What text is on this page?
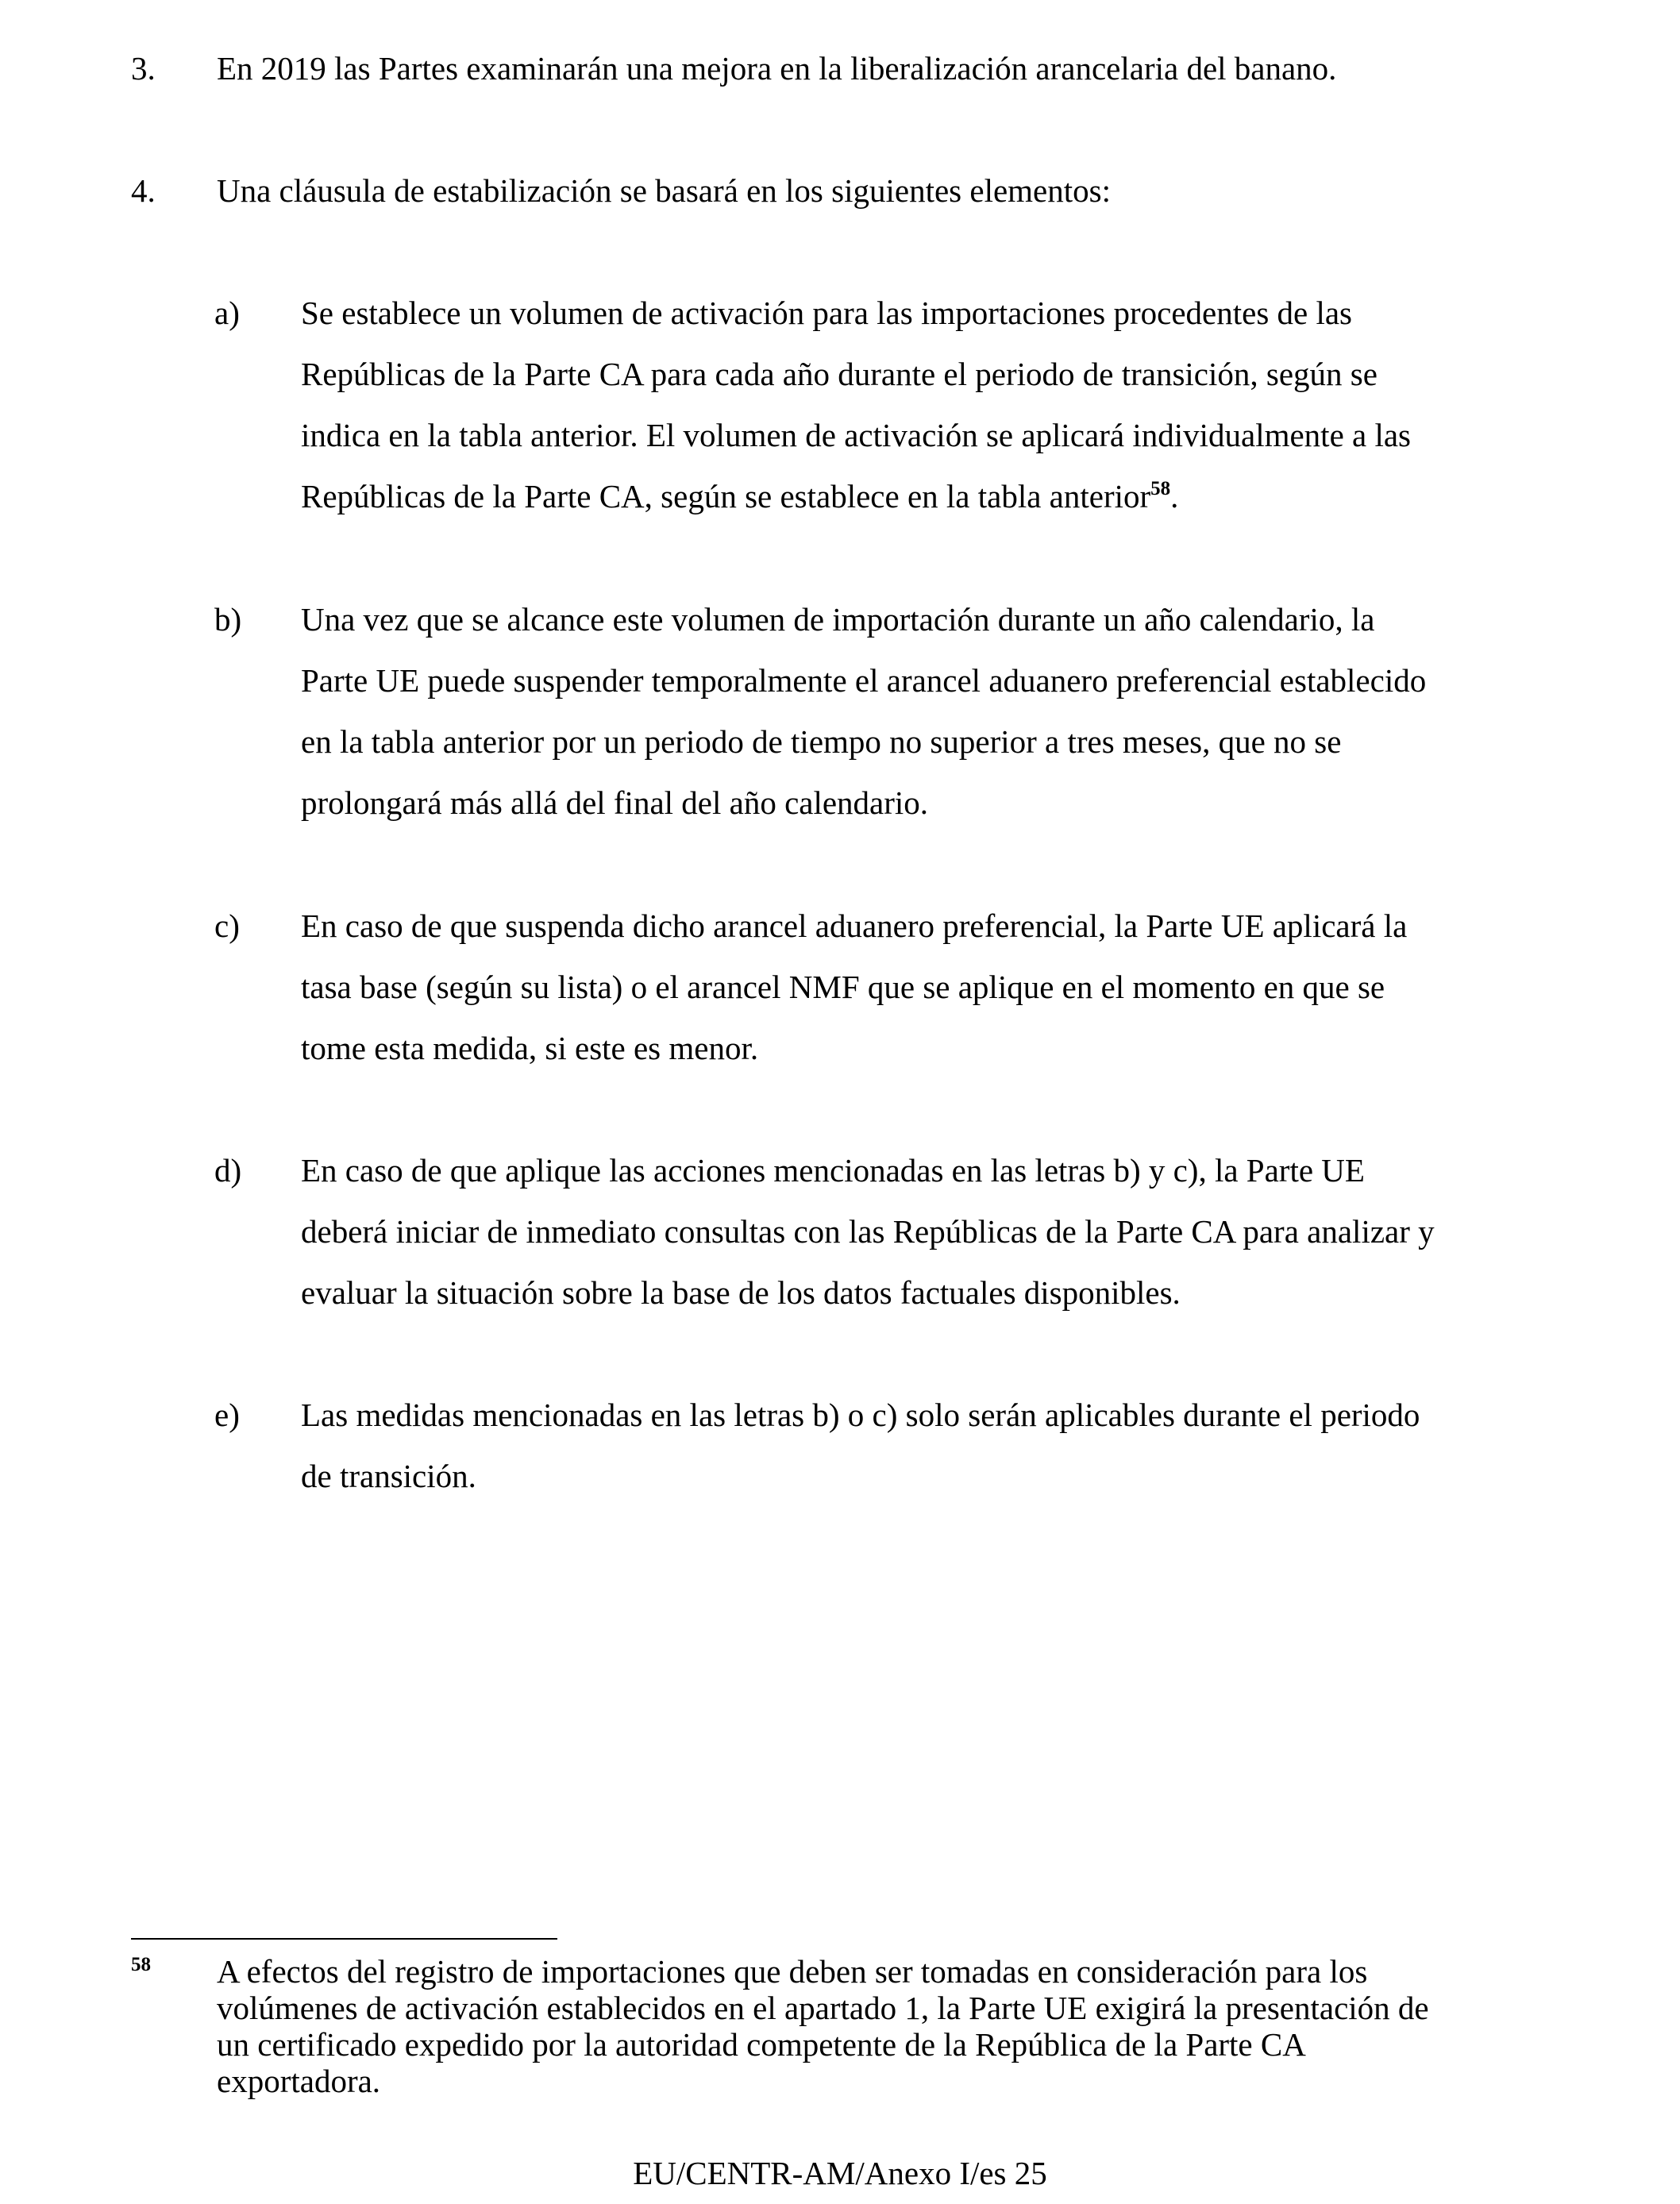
3. En 2019 las Partes examinarán una mejora en la liberalización arancelaria del banano.
4. Una cláusula de estabilización se basará en los siguientes elementos:
a) Se establece un volumen de activación para las importaciones procedentes de las
Repúblicas de la Parte CA para cada año durante el periodo de transición, según se
indica en la tabla anterior. El volumen de activación se aplicará individualmente a las
Repúblicas de la Parte CA, según se establece en la tabla anterior$^{58}$.
b) Una vez que se alcance este volumen de importación durante un año calendario, la
Parte UE puede suspender temporalmente el arancel aduanero preferencial establecido
en la tabla anterior por un periodo de tiempo no superior a tres meses, que no se
prolongará más allá del final del año calendario.
c) En caso de que suspenda dicho arancel aduanero preferencial, la Parte UE aplicará la
tasa base (según su lista) o el arancel NMF que se aplique en el momento en que se
tome esta medida, si este es menor.
d) En caso de que aplique las acciones mencionadas en las letras b) y c), la Parte UE
deberá iniciar de inmediato consultas con las Repúblicas de la Parte CA para analizar y
evaluar la situación sobre la base de los datos factuales disponibles.
e) Las medidas mencionadas en las letras b) o c) solo serán aplicables durante el periodo
de transición.
58 A efectos del registro de importaciones que deben ser tomadas en consideración para los
volúmenes de activación establecidos en el apartado 1, la Parte UE exigirá la presentación de
un certificado expedido por la autoridad competente de la República de la Parte CA
exportadora.
EU/CENTR-AM/Anexo I/es 25
